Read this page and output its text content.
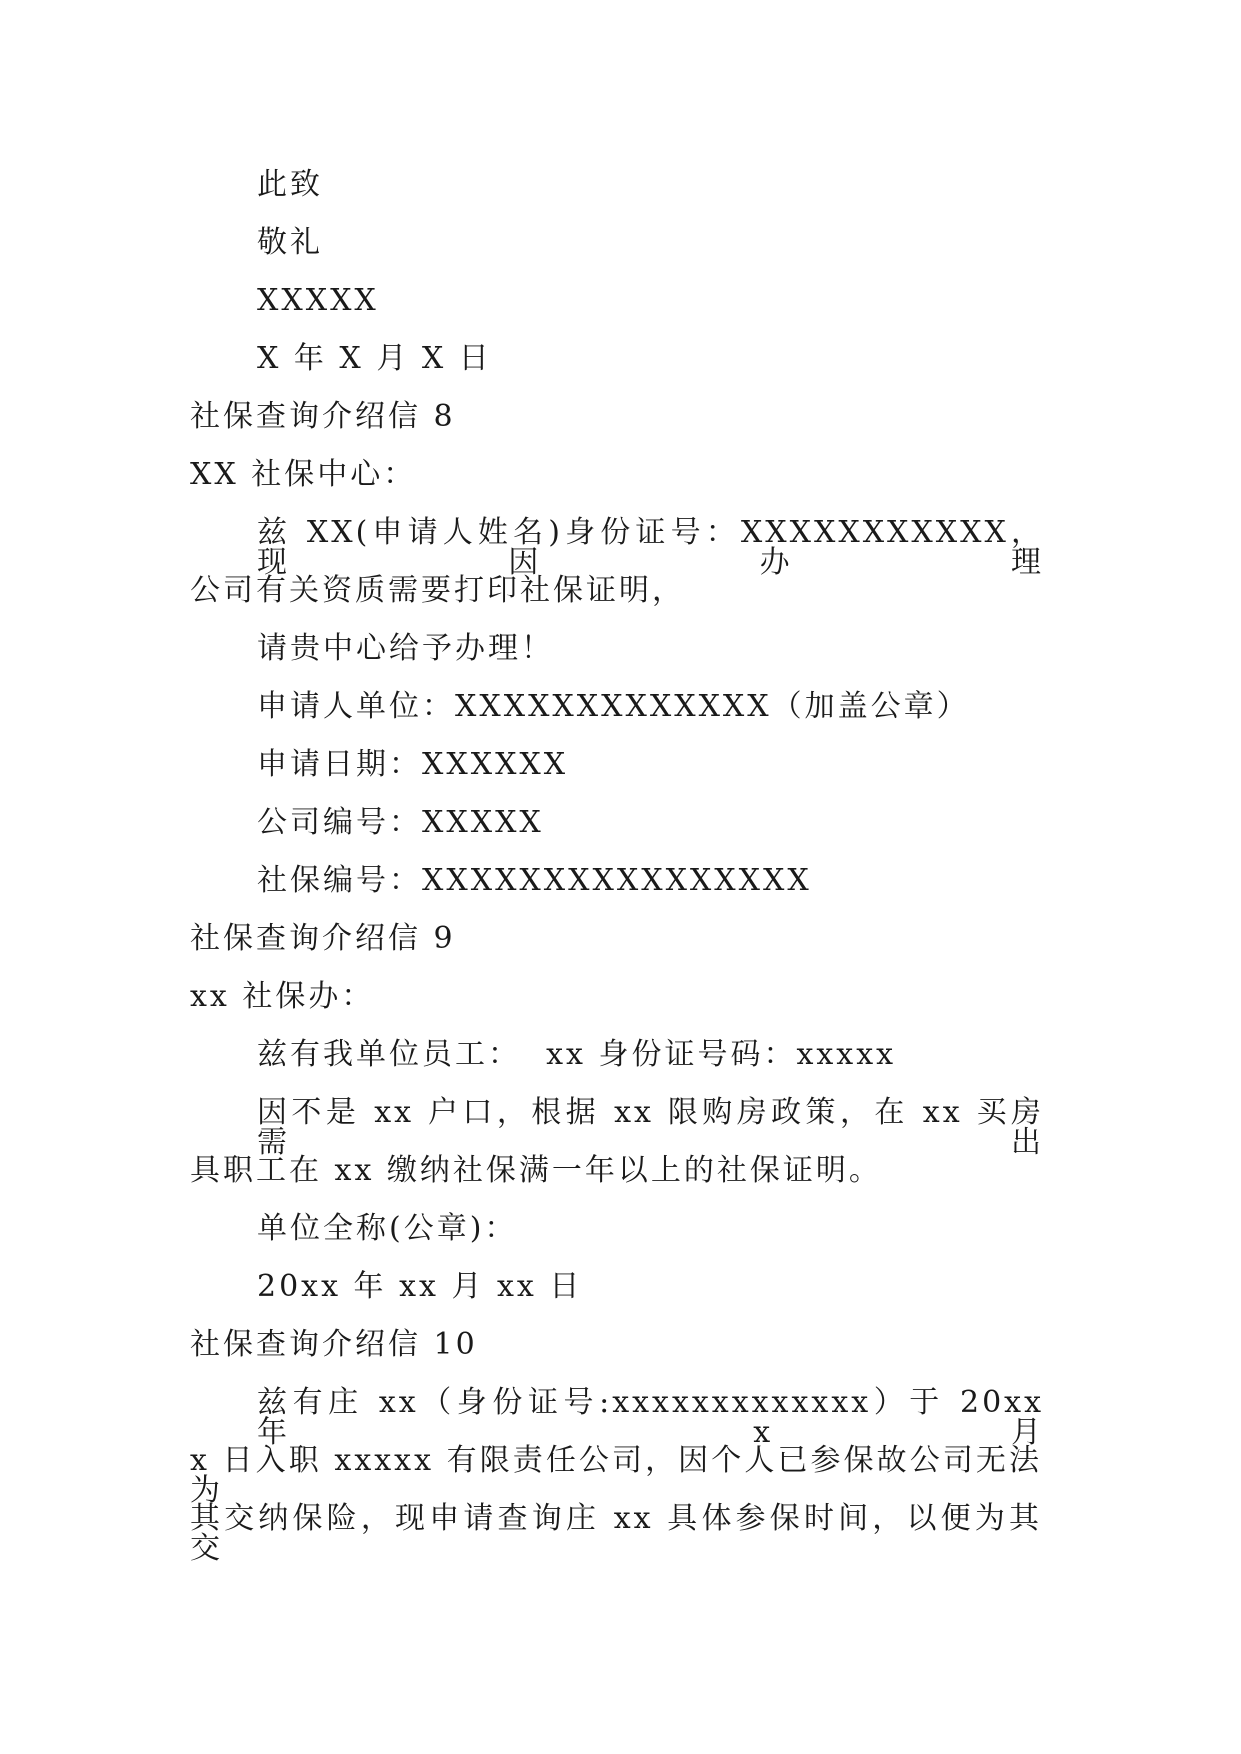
此致
敬礼
XXXXX
X 年 X 月 X 日
社保查询介绍信 8
XX 社保中心：
兹 XX(申请人姓名)身份证号：XXXXXXXXXXX，现因办理
公司有关资质需要打印社保证明，
请贵中心给予办理！
申请人单位：XXXXXXXXXXXXX（加盖公章）
申请日期：XXXXXX
公司编号：XXXXX
社保编号：XXXXXXXXXXXXXXXX
社保查询介绍信 9
xx 社保办：
兹有我单位员工：  xx 身份证号码：xxxxx
因不是 xx 户口，根据 xx 限购房政策，在 xx 买房需出
具职工在 xx 缴纳社保满一年以上的社保证明。
单位全称(公章)：
20xx 年 xx 月 xx 日
社保查询介绍信 10
兹有庄 xx（身份证号:xxxxxxxxxxxxx）于 20xx 年 x 月
x 日入职 xxxxx 有限责任公司，因个人已参保故公司无法为
其交纳保险，现申请查询庄 xx 具体参保时间，以便为其交
